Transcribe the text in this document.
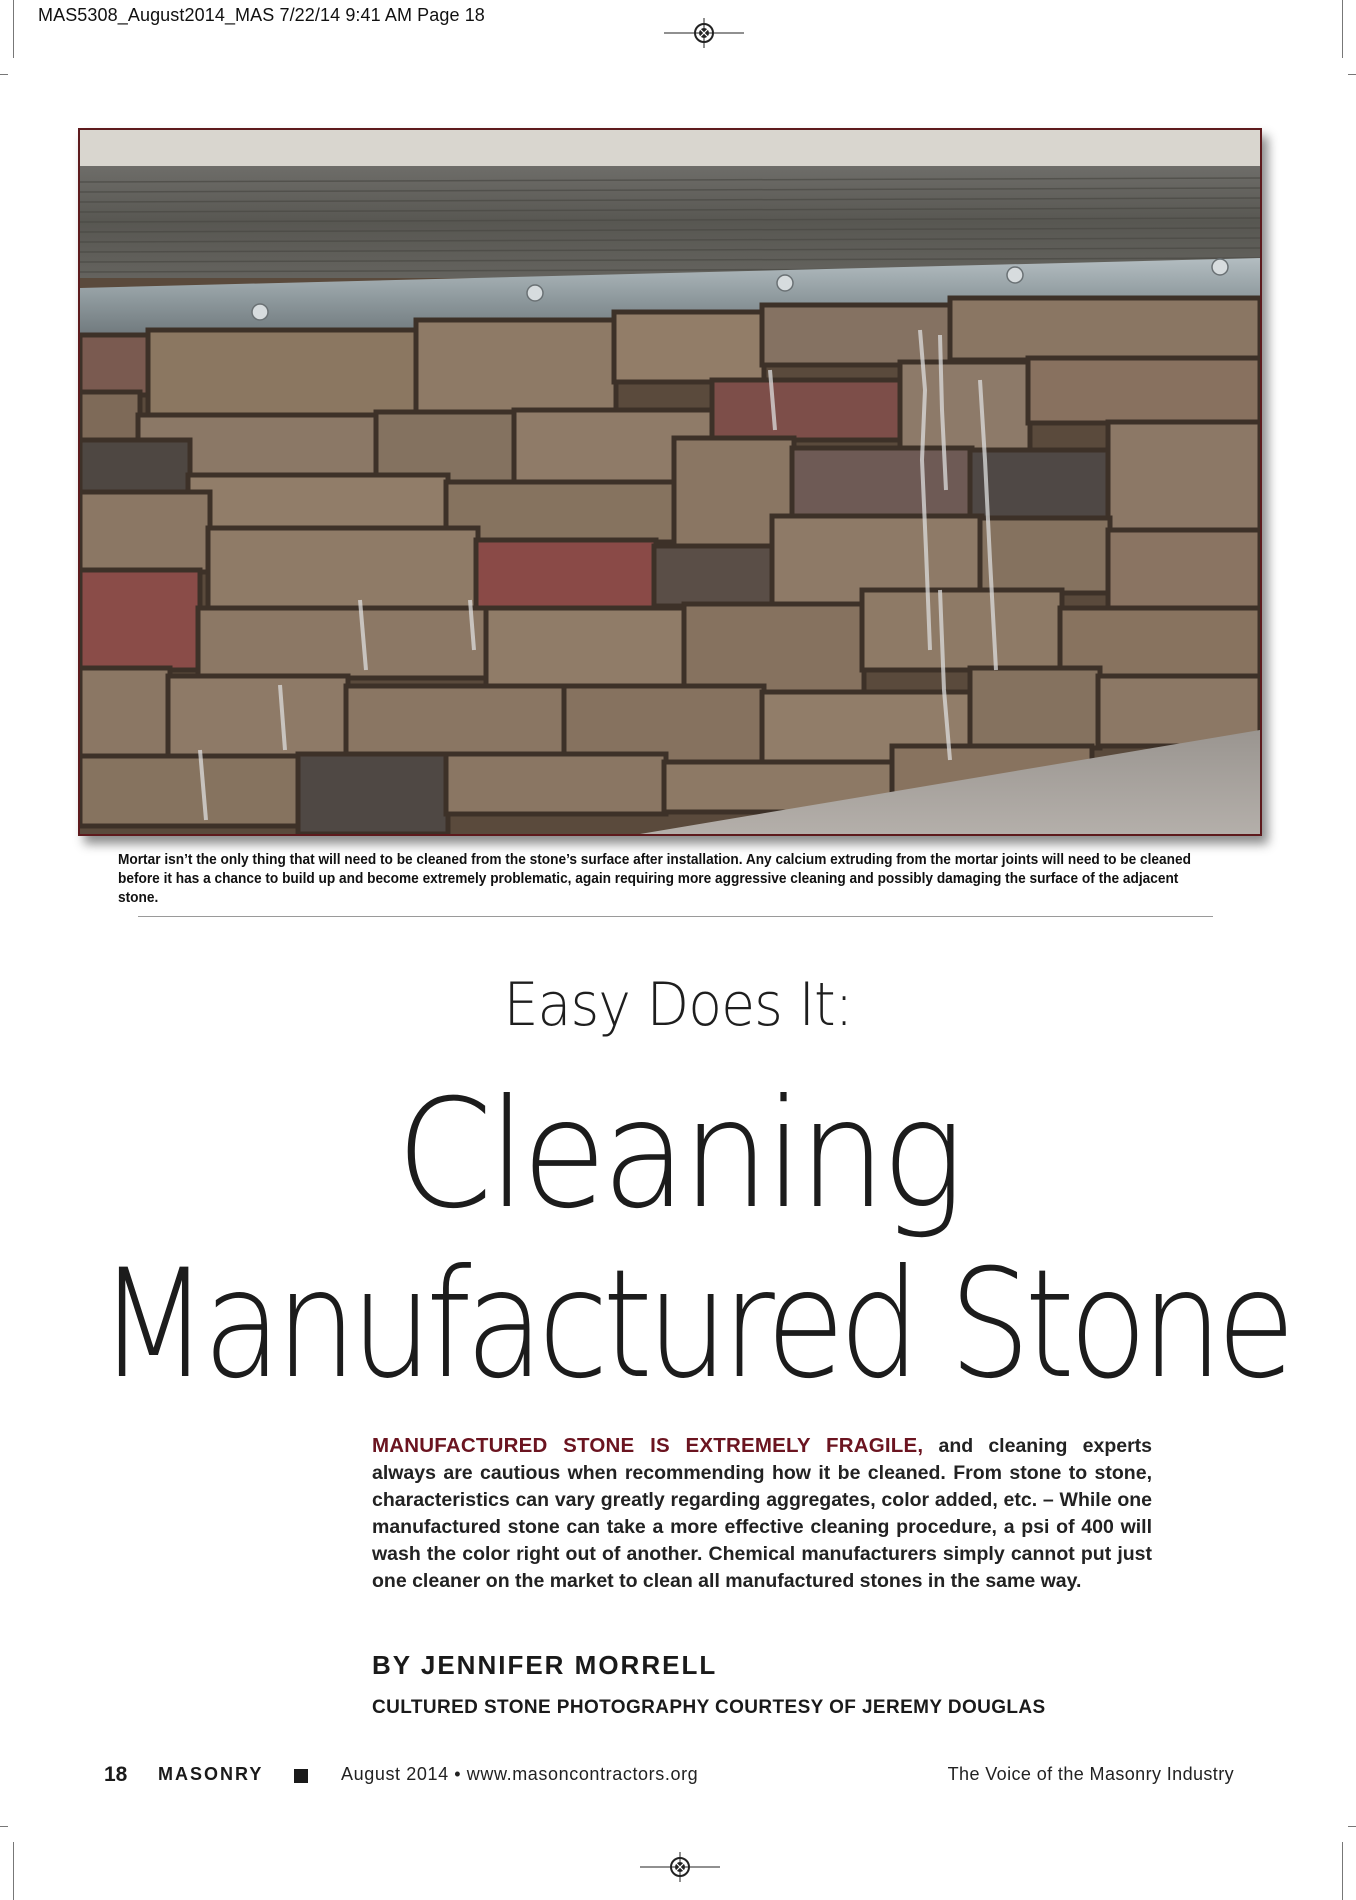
MAS5308_August2014_MAS 7/22/14 9:41 AM Page 18
Mortar isn’t the only thing that will need to be cleaned from the stone’s surface after installation. Any calcium extruding from the mortar joints will need to be cleaned before it has a chance to build up and become extremely problematic, again requiring more aggressive cleaning and possibly damaging the surface of the adjacent stone.
Easy Does It:
Cleaning
Manufactured Stone
MANUFACTURED STONE IS EXTREMELY FRAGILE, and cleaning experts always are cautious when recommending how it be cleaned. From stone to stone, characteristics can vary greatly regarding aggregates, color added, etc. – While one manufactured stone can take a more effective cleaning procedure, a psi of 400 will wash the color right out of another. Chemical manufacturers simply cannot put just one cleaner on the market to clean all manufactured stones in the same way.
BY JENNIFER MORRELL
CULTURED STONE PHOTOGRAPHY COURTESY OF JEREMY DOUGLAS
18 MASONRY	August 2014 • www.masoncontractors.org	The Voice of the Masonry Industry
